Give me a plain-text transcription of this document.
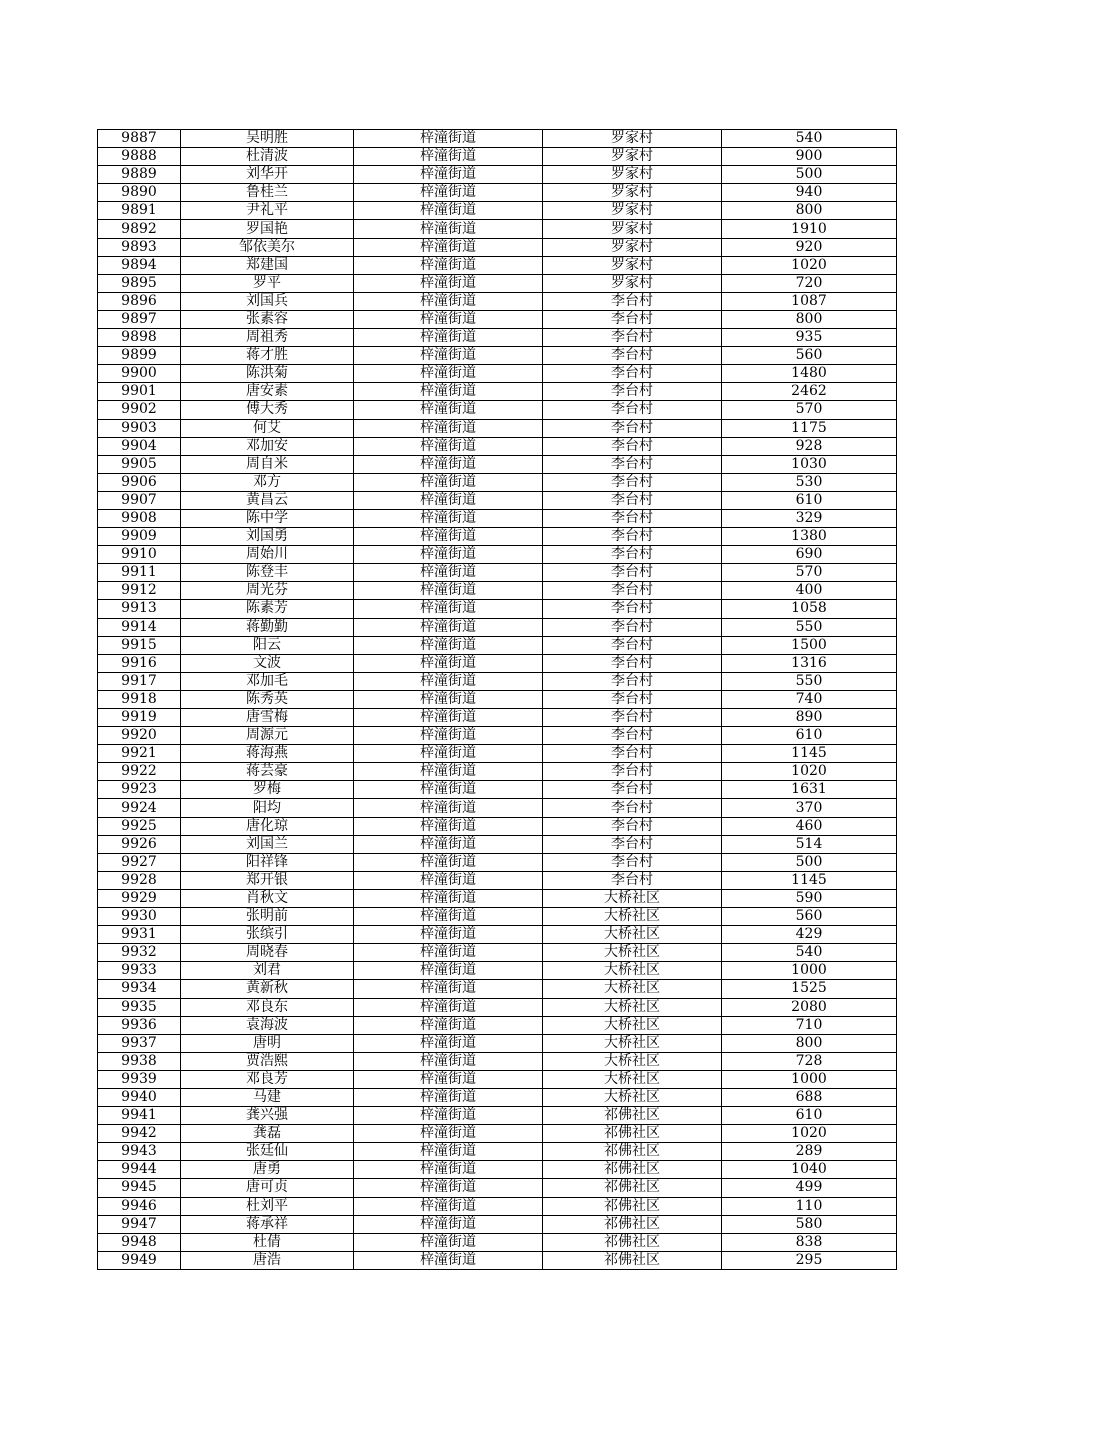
9887	吴明胜	梓潼街道	罗家村	540
9888	杜清波	梓潼街道	罗家村	900
9889	刘华开	梓潼街道	罗家村	500
9890	鲁桂兰	梓潼街道	罗家村	940
9891	尹礼平	梓潼街道	罗家村	800
9892	罗国艳	梓潼街道	罗家村	1910
9893	邹依美尔	梓潼街道	罗家村	920
9894	郑建国	梓潼街道	罗家村	1020
9895	罗平	梓潼街道	罗家村	720
9896	刘国兵	梓潼街道	李台村	1087
9897	张素容	梓潼街道	李台村	800
9898	周祖秀	梓潼街道	李台村	935
9899	蒋才胜	梓潼街道	李台村	560
9900	陈洪菊	梓潼街道	李台村	1480
9901	唐安素	梓潼街道	李台村	2462
9902	傅大秀	梓潼街道	李台村	570
9903	何艾	梓潼街道	李台村	1175
9904	邓加安	梓潼街道	李台村	928
9905	周自米	梓潼街道	李台村	1030
9906	邓方	梓潼街道	李台村	530
9907	黄昌云	梓潼街道	李台村	610
9908	陈中学	梓潼街道	李台村	329
9909	刘国勇	梓潼街道	李台村	1380
9910	周始川	梓潼街道	李台村	690
9911	陈登丰	梓潼街道	李台村	570
9912	周光芬	梓潼街道	李台村	400
9913	陈素芳	梓潼街道	李台村	1058
9914	蒋勤勤	梓潼街道	李台村	550
9915	阳云	梓潼街道	李台村	1500
9916	文波	梓潼街道	李台村	1316
9917	邓加毛	梓潼街道	李台村	550
9918	陈秀英	梓潼街道	李台村	740
9919	唐雪梅	梓潼街道	李台村	890
9920	周源元	梓潼街道	李台村	610
9921	蒋海燕	梓潼街道	李台村	1145
9922	蒋芸豪	梓潼街道	李台村	1020
9923	罗梅	梓潼街道	李台村	1631
9924	阳均	梓潼街道	李台村	370
9925	唐化琼	梓潼街道	李台村	460
9926	刘国兰	梓潼街道	李台村	514
9927	阳祥锋	梓潼街道	李台村	500
9928	郑开银	梓潼街道	李台村	1145
9929	肖秋文	梓潼街道	大桥社区	590
9930	张明前	梓潼街道	大桥社区	560
9931	张缤引	梓潼街道	大桥社区	429
9932	周晓春	梓潼街道	大桥社区	540
9933	刘君	梓潼街道	大桥社区	1000
9934	黄新秋	梓潼街道	大桥社区	1525
9935	邓良东	梓潼街道	大桥社区	2080
9936	袁海波	梓潼街道	大桥社区	710
9937	唐明	梓潼街道	大桥社区	800
9938	贾浩熙	梓潼街道	大桥社区	728
9939	邓良芳	梓潼街道	大桥社区	1000
9940	马建	梓潼街道	大桥社区	688
9941	龚兴强	梓潼街道	祁佛社区	610
9942	龚磊	梓潼街道	祁佛社区	1020
9943	张廷仙	梓潼街道	祁佛社区	289
9944	唐勇	梓潼街道	祁佛社区	1040
9945	唐可贞	梓潼街道	祁佛社区	499
9946	杜刘平	梓潼街道	祁佛社区	110
9947	蒋承祥	梓潼街道	祁佛社区	580
9948	杜倩	梓潼街道	祁佛社区	838
9949	唐浩	梓潼街道	祁佛社区	295
